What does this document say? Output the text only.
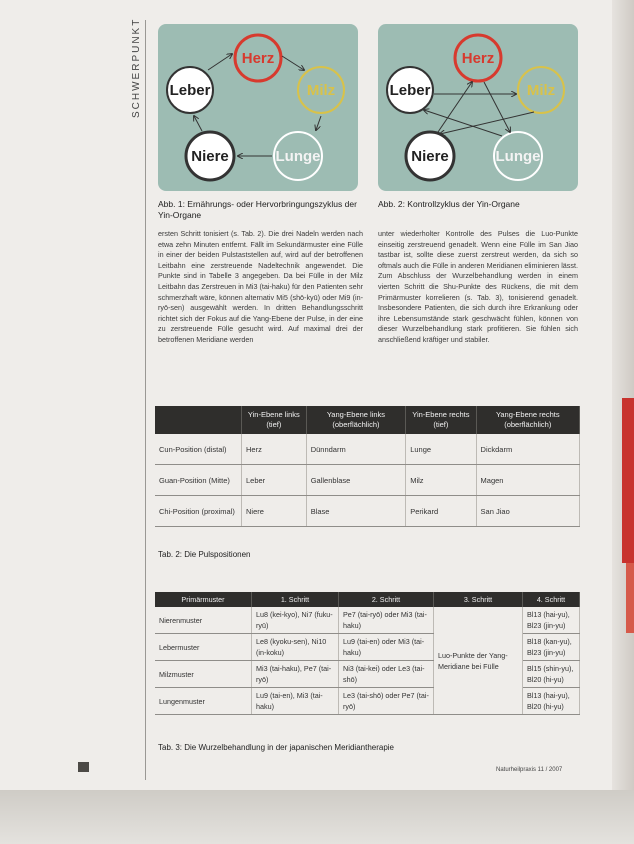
SCHWERPUNKT	Herz
Leber	Milz
Niere	Lunge
Abb. 1: Ernährungs- oder Hervorbringungszyklus der Yin-Organe
Herz
Leber	Milz
Niere	Lunge
Abb. 2: Kontrollzyklus der Yin-Organe
ersten Schritt tonisiert (s. Tab. 2). Die drei Nadeln werden nach etwa zehn Minuten entfernt. Fällt im Sekundärmuster eine Fülle in einer der beiden Pulstaststellen auf, wird auf der betroffenen Leitbahn eine zerstreuende Nadeltechnik angewendet. Die Punkte sind in Tabelle 3 angegeben. Da bei Fülle in der Milz Leitbahn das Zerstreuen in Mi3 (tai-haku) für den Patienten sehr schmerzhaft wäre, können alternativ Mi5 (shō-kyū) oder Mi9 (in-ryō-sen) ausgewählt werden. In dritten Behandlungsschritt richtet sich der Fokus auf die Yang-Ebene der Pulse, in der eine zu zerstreuende Fülle gesucht wird. Auf maximal drei der betroffenen Meridiane werden
unter wiederholter Kontrolle des Pulses die Luo-Punkte einseitig zerstreuend genadelt. Wenn eine Fülle im San Jiao tastbar ist, sollte diese zuerst zerstreut werden, da sich so oftmals auch die Fülle in anderen Meridianen eliminieren lässt. Zum Abschluss der Wurzelbehandlung werden in einem vierten Schritt die Shu-Punkte des Rückens, die mit dem Primärmuster korrelieren (s. Tab. 3), tonisierend genadelt. Insbesondere Patienten, die sich durch ihre Erkrankung oder ihre Lebensumstände stark geschwächt fühlen, können von dieser Wurzelbehandlung stark profitieren. Sie fühlen sich anschließend kräftiger und stabiler.
	Yin-Ebene links (tief)	Yang-Ebene links (oberflächlich)	Yin-Ebene rechts (tief)	Yang-Ebene rechts (oberflächlich)
Cun-Position (distal)	Herz	Dünndarm	Lunge	Dickdarm
Guan-Position (Mitte)	Leber	Gallenblase	Milz	Magen
Chi-Position (proximal)	Niere	Blase	Perikard	San Jiao
Tab. 2: Die Pulspositionen
Primärmuster	1. Schritt	2. Schritt	3. Schritt	4. Schritt
Nierenmuster	Lu8 (kei-kyo), Ni7 (fuku-ryū)	Pe7 (tai-ryō) oder Mi3 (tai-haku)	Luo-Punkte der Yang-Meridiane bei Fülle	Bl13 (hai-yu), Bl23 (jin-yu)
Lebermuster	Le8 (kyoku-sen), Ni10 (in-koku)	Lu9 (tai-en) oder Mi3 (tai-haku)		Bl18 (kan-yu), Bl23 (jin-yu)
Milzmuster	Mi3 (tai-haku), Pe7 (tai-ryō)	Ni3 (tai-kei) oder Le3 (tai-shō)		Bl15 (shin-yu), Bl20 (hi-yu)
Lungenmuster	Lu9 (tai-en), Mi3 (tai-haku)	Le3 (tai-shō) oder Pe7 (tai-ryō)		Bl13 (hai-yu), Bl20 (hi-yu)
Tab. 3: Die Wurzelbehandlung in der japanischen Meridiantherapie
Naturheilpraxis 11 / 2007
